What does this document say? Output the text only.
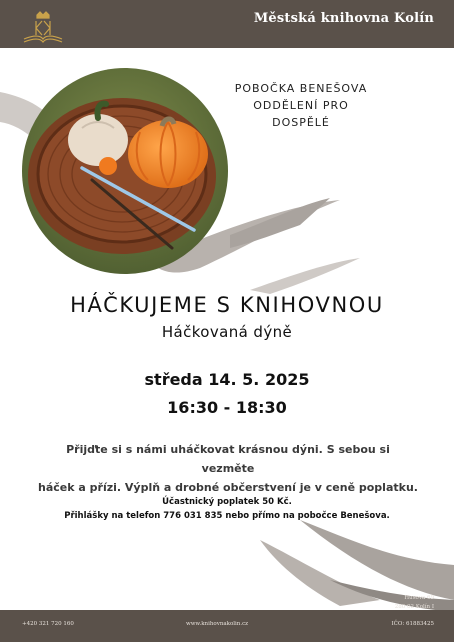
Městská knihovna Kolín
POBOČKA BENEŠOVA
ODDĚLENÍ PRO DOSPĚLÉ
HÁČKUJEME S KNIHOVNOU
Háčkovaná dýně
středa 14. 5. 2025
16:30 - 18:30
Přijďte si s námi uháčkovat krásnou dýni. S sebou si vezměte
háček a přízi. Výplň a drobné občerstvení je v ceně poplatku.
Účastnický poplatek 50 Kč.
Přihlášky na telefon 776 031 835 nebo přímo na pobočce Benešova.
Husova 69
280 02 Kolín I
+420 321 720 160	www.knihovnakolin.cz	IČO: 61883425
